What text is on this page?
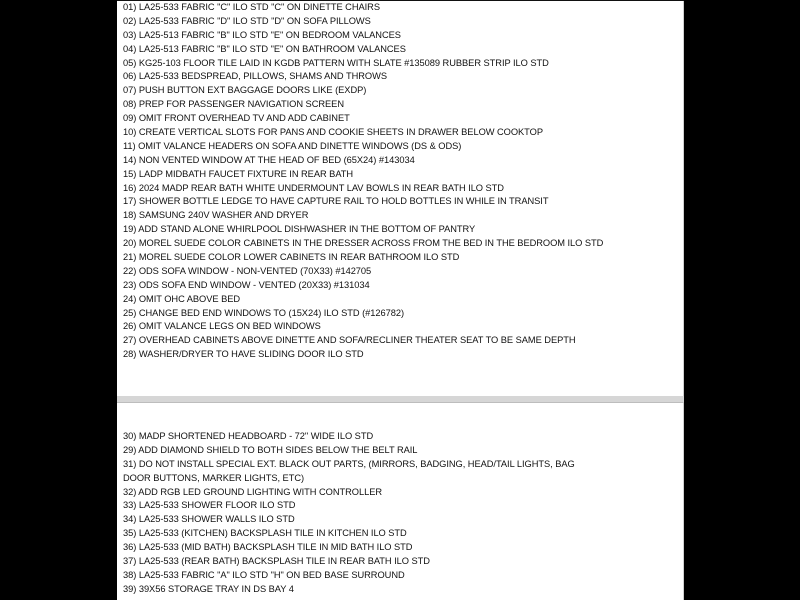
01) LA25-533 FABRIC "C" ILO STD "C" ON DINETTE CHAIRS
02) LA25-533 FABRIC "D" ILO STD "D" ON SOFA PILLOWS
03) LA25-513 FABRIC "B" ILO STD "E" ON BEDROOM VALANCES
04) LA25-513 FABRIC "B" ILO STD "E" ON BATHROOM VALANCES
05) KG25-103 FLOOR TILE LAID IN KGDB PATTERN WITH SLATE #135089 RUBBER STRIP ILO STD
06) LA25-533 BEDSPREAD, PILLOWS, SHAMS AND THROWS
07) PUSH BUTTON EXT BAGGAGE DOORS LIKE (EXDP)
08) PREP FOR PASSENGER NAVIGATION SCREEN
09) OMIT FRONT OVERHEAD TV AND ADD CABINET
10) CREATE VERTICAL SLOTS FOR PANS AND COOKIE SHEETS IN DRAWER BELOW COOKTOP
11) OMIT VALANCE HEADERS ON SOFA AND DINETTE WINDOWS (DS & ODS)
14) NON VENTED WINDOW AT THE HEAD OF BED (65X24) #143034
15) LADP MIDBATH FAUCET FIXTURE IN REAR BATH
16) 2024 MADP REAR BATH WHITE UNDERMOUNT LAV BOWLS IN REAR BATH ILO STD
17) SHOWER BOTTLE LEDGE TO HAVE CAPTURE RAIL TO HOLD BOTTLES IN WHILE IN TRANSIT
18) SAMSUNG 240V WASHER AND DRYER
19) ADD STAND ALONE WHIRLPOOL DISHWASHER IN THE BOTTOM OF PANTRY
20) MOREL SUEDE COLOR CABINETS IN THE DRESSER ACROSS FROM THE BED IN THE BEDROOM ILO STD
21) MOREL SUEDE COLOR LOWER CABINETS IN REAR BATHROOM ILO STD
22) ODS SOFA WINDOW - NON-VENTED (70X33) #142705
23) ODS SOFA END WINDOW - VENTED (20X33) #131034
24) OMIT OHC ABOVE BED
25) CHANGE BED END WINDOWS TO (15X24) ILO STD (#126782)
26) OMIT VALANCE LEGS ON BED WINDOWS
27) OVERHEAD CABINETS ABOVE DINETTE AND SOFA/RECLINER THEATER SEAT TO BE SAME DEPTH
28) WASHER/DRYER TO HAVE SLIDING DOOR ILO STD
30) MADP SHORTENED HEADBOARD - 72" WIDE ILO STD
29) ADD DIAMOND SHIELD TO BOTH SIDES BELOW THE BELT RAIL
31) DO NOT INSTALL SPECIAL EXT. BLACK OUT PARTS, (MIRRORS, BADGING, HEAD/TAIL LIGHTS, BAG DOOR BUTTONS, MARKER LIGHTS, ETC)
32) ADD RGB LED GROUND LIGHTING WITH CONTROLLER
33) LA25-533 SHOWER FLOOR ILO STD
34) LA25-533 SHOWER WALLS ILO STD
35) LA25-533 (KITCHEN) BACKSPLASH TILE IN KITCHEN ILO STD
36) LA25-533 (MID BATH) BACKSPLASH TILE IN MID BATH ILO STD
37) LA25-533 (REAR BATH) BACKSPLASH TILE IN REAR BATH ILO STD
38) LA25-533 FABRIC "A" ILO STD "H" ON BED BASE SURROUND
39) 39X56 STORAGE TRAY IN DS BAY 4
